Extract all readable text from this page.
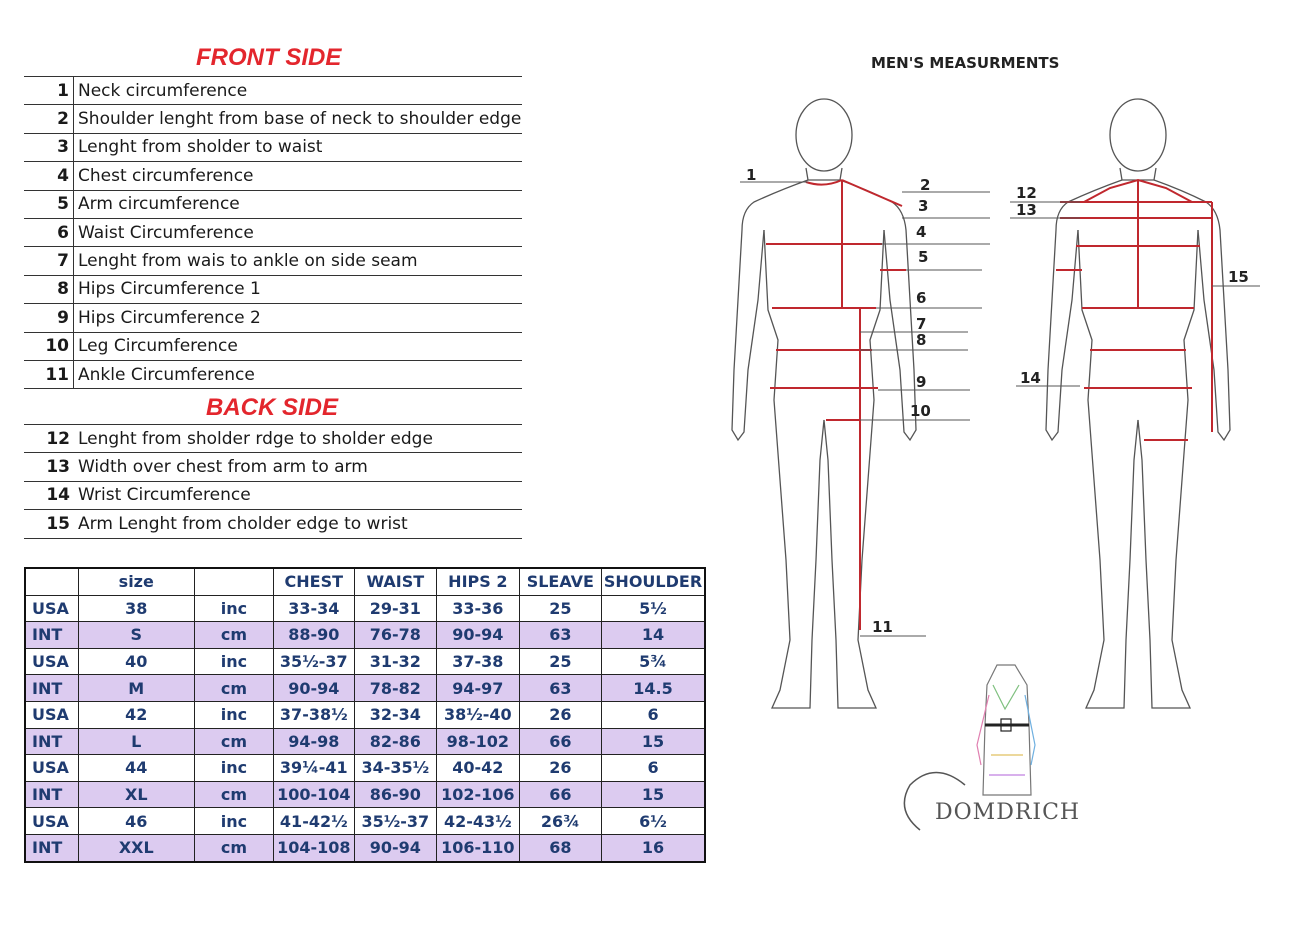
FRONT SIDE
1 Neck circumference
2 Shoulder lenght from base of neck to shoulder edge
3 Lenght from sholder to waist
4 Chest circumference
5 Arm circumference
6 Waist Circumference
7 Lenght from wais to ankle on side seam
8 Hips Circumference 1
9 Hips Circumference 2
10 Leg Circumference
11 Ankle Circumference
BACK SIDE
12 Lenght from sholder rdge to sholder edge
13 Width over chest from arm to arm
14 Wrist Circumference
15 Arm Lenght from cholder edge to wrist
	size		CHEST	WAIST	HIPS 2	SLEAVE	SHOULDER
USA	38	inc	33-34	29-31	33-36	25	5½
INT	S	cm	88-90	76-78	90-94	63	14
USA	40	inc	35½-37	31-32	37-38	25	5¾
INT	M	cm	90-94	78-82	94-97	63	14.5
USA	42	inc	37-38½	32-34	38½-40	26	6
INT	L	cm	94-98	82-86	98-102	66	15
USA	44	inc	39¼-41	34-35½	40-42	26	6
INT	XL	cm	100-104	86-90	102-106	66	15
USA	46	inc	41-42½	35½-37	42-43½	26¾	6½
INT	XXL	cm	104-108	90-94	106-110	68	16
MEN'S MEASURMENTS
1
2
3
4
5
6
7
8
9
10
11
12
13
15
14
DOMDRICH
